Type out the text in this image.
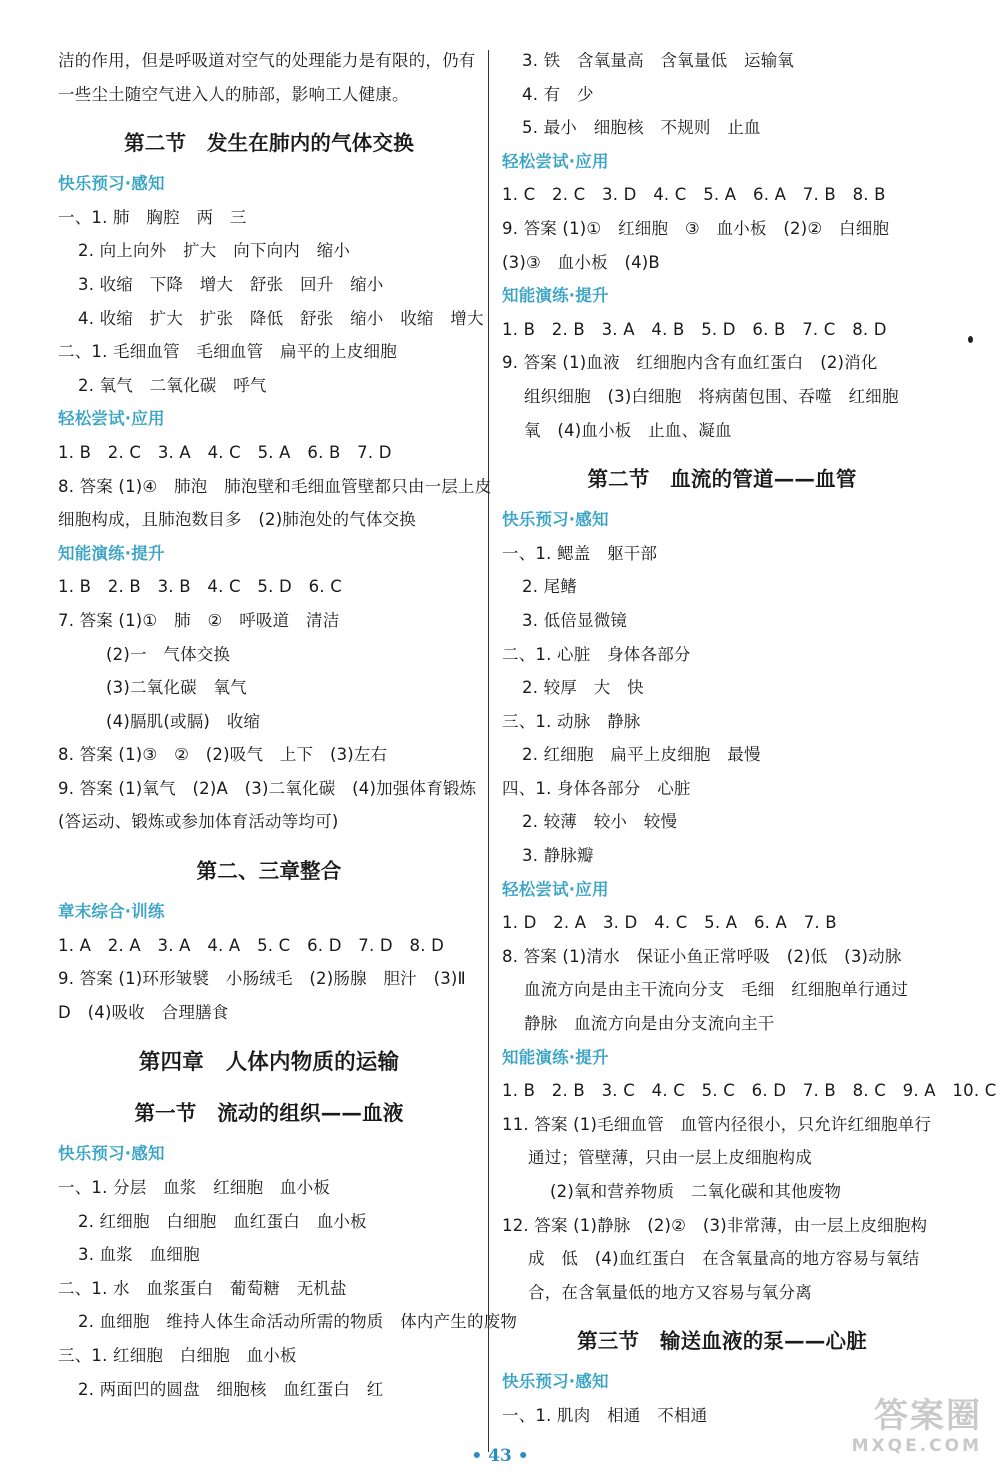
洁的作用，但是呼吸道对空气的处理能力是有限的，仍有
一些尘土随空气进入人的肺部，影响工人健康。
第二节　发生在肺内的气体交换
快乐预习·感知
一、1. 肺　胸腔　两　三
2. 向上向外　扩大　向下向内　缩小
3. 收缩　下降　增大　舒张　回升　缩小
4. 收缩　扩大　扩张　降低　舒张　缩小　收缩　增大
二、1. 毛细血管　毛细血管　扁平的上皮细胞
2. 氧气　二氧化碳　呼气
轻松尝试·应用
1. B　2. C　3. A　4. C　5. A　6. B　7. D
8. 答案 (1)④　肺泡　肺泡壁和毛细血管壁都只由一层上皮
细胞构成，且肺泡数目多　(2)肺泡处的气体交换
知能演练·提升
1. B　2. B　3. B　4. C　5. D　6. C
7. 答案 (1)①　肺　②　呼吸道　清洁
(2)一　气体交换
(3)二氧化碳　氧气
(4)膈肌(或膈)　收缩
8. 答案 (1)③　②　(2)吸气　上下　(3)左右
9. 答案 (1)氧气　(2)A　(3)二氧化碳　(4)加强体育锻炼
(答运动、锻炼或参加体育活动等均可)
第二、三章整合
章末综合·训练
1. A　2. A　3. A　4. A　5. C　6. D　7. D　8. D
9. 答案 (1)环形皱襞　小肠绒毛　(2)肠腺　胆汁　(3)Ⅱ
D　(4)吸收　合理膳食
第四章　人体内物质的运输
第一节　流动的组织——血液
快乐预习·感知
一、1. 分层　血浆　红细胞　血小板
2. 红细胞　白细胞　血红蛋白　血小板
3. 血浆　血细胞
二、1. 水　血浆蛋白　葡萄糖　无机盐
2. 血细胞　维持人体生命活动所需的物质　体内产生的废物
三、1. 红细胞　白细胞　血小板
2. 两面凹的圆盘　细胞核　血红蛋白　红
3. 铁　含氧量高　含氧量低　运输氧
4. 有　少
5. 最小　细胞核　不规则　止血
轻松尝试·应用
1. C　2. C　3. D　4. C　5. A　6. A　7. B　8. B
9. 答案 (1)①　红细胞　③　血小板　(2)②　白细胞
(3)③　血小板　(4)B
知能演练·提升
1. B　2. B　3. A　4. B　5. D　6. B　7. C　8. D
9. 答案 (1)血液　红细胞内含有血红蛋白　(2)消化
组织细胞　(3)白细胞　将病菌包围、吞噬　红细胞
氧　(4)血小板　止血、凝血
第二节　血流的管道——血管
快乐预习·感知
一、1. 鳃盖　躯干部
2. 尾鳍
3. 低倍显微镜
二、1. 心脏　身体各部分
2. 较厚　大　快
三、1. 动脉　静脉
2. 红细胞　扁平上皮细胞　最慢
四、1. 身体各部分　心脏
2. 较薄　较小　较慢
3. 静脉瓣
轻松尝试·应用
1. D　2. A　3. D　4. C　5. A　6. A　7. B
8. 答案 (1)清水　保证小鱼正常呼吸　(2)低　(3)动脉
血流方向是由主干流向分支　毛细　红细胞单行通过
静脉　血流方向是由分支流向主干
知能演练·提升
1. B　2. B　3. C　4. C　5. C　6. D　7. B　8. C　9. A　10. C
11. 答案 (1)毛细血管　血管内径很小，只允许红细胞单行
通过；管壁薄，只由一层上皮细胞构成
(2)氧和营养物质　二氧化碳和其他废物
12. 答案 (1)静脉　(2)②　(3)非常薄，由一层上皮细胞构
成　低　(4)血红蛋白　在含氧量高的地方容易与氧结
合，在含氧量低的地方又容易与氧分离
第三节　输送血液的泵——心脏
快乐预习·感知
一、1. 肌肉　相通　不相通
• 43 •
答案圈
MXQE.COM
